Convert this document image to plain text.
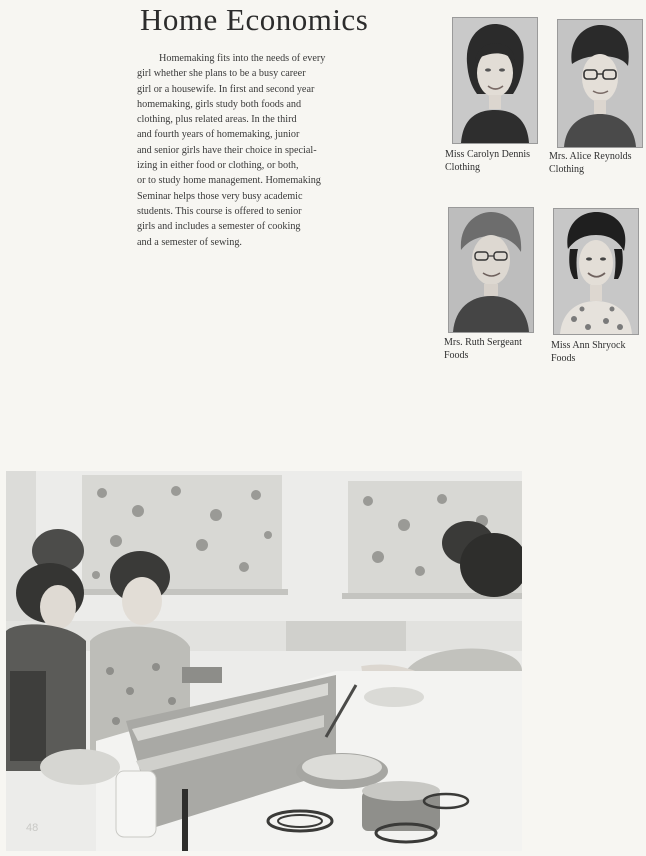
Home Economics
Homemaking fits into the needs of every
girl whether she plans to be a busy career
girl or a housewife. In first and second year
homemaking, girls study both foods and
clothing, plus related areas. In the third
and fourth years of homemaking, junior
and senior girls have their choice in special-
izing in either food or clothing, or both,
or to study home management. Homemaking
Seminar helps those very busy academic
students. This course is offered to senior
girls and includes a semester of cooking
and a semester of sewing.
Miss Carolyn Dennis
Clothing
Mrs. Alice Reynolds
Clothing
Mrs. Ruth Sergeant
Foods
Miss Ann Shryock
Foods
48
